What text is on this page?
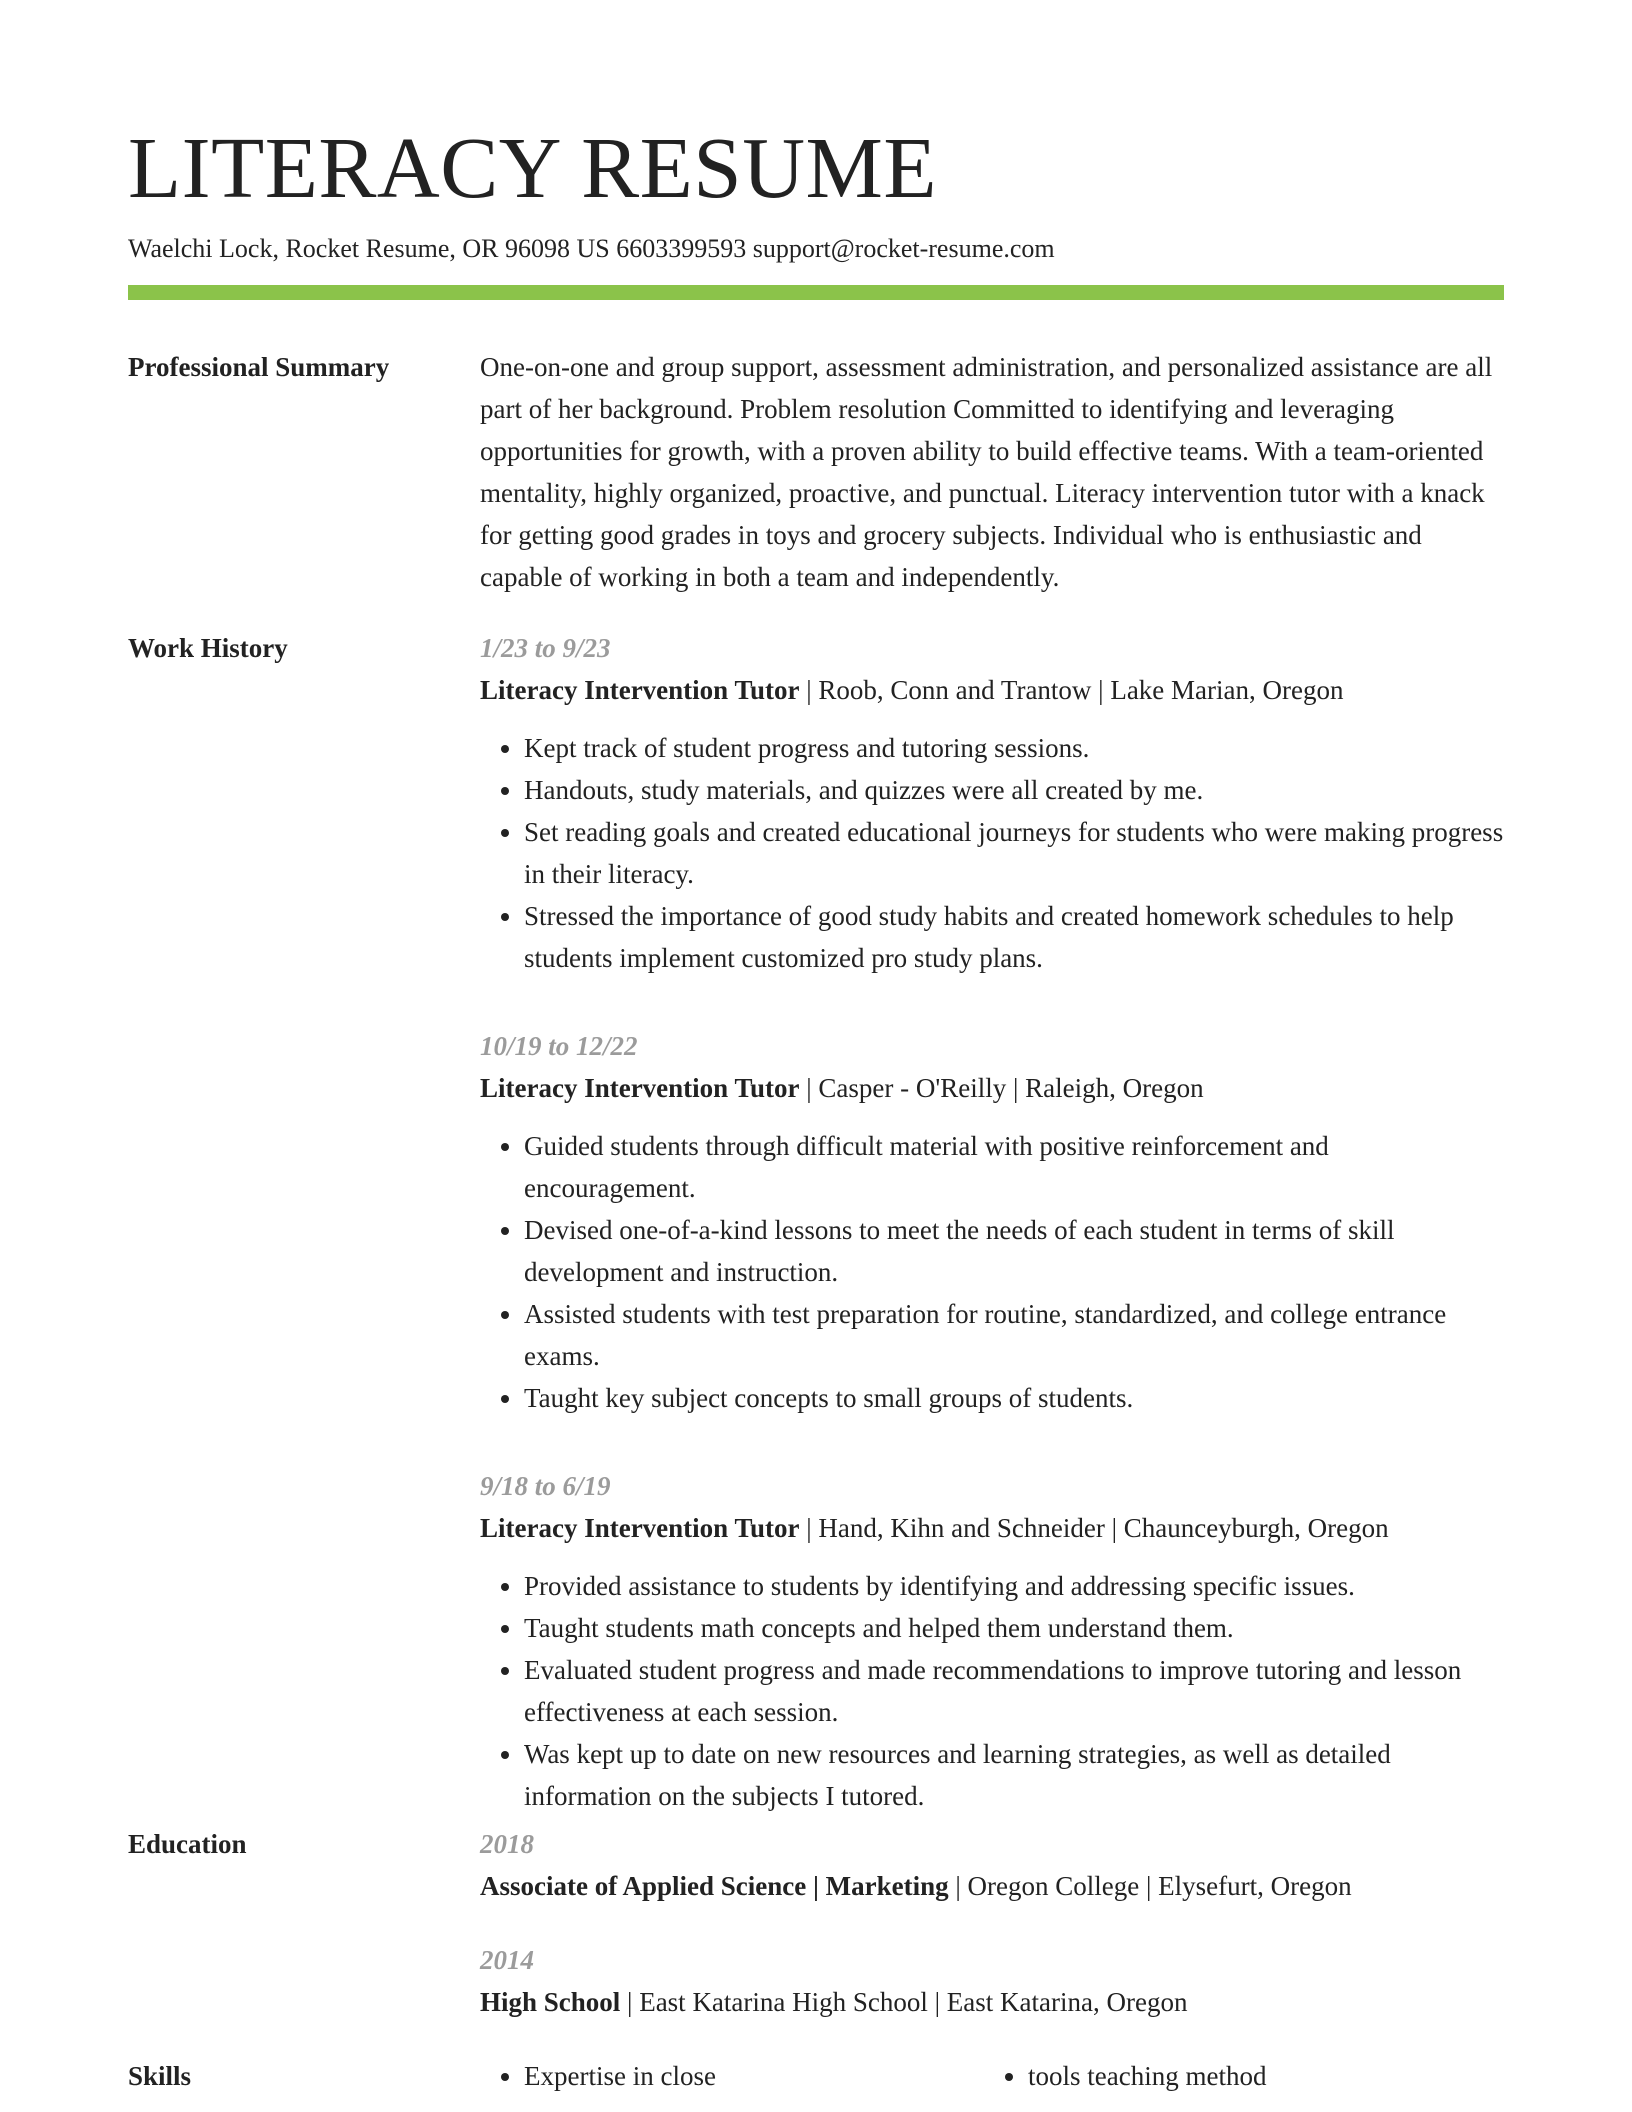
LITERACY RESUME
Waelchi Lock, Rocket Resume, OR 96098 US 6603399593 support@rocket-resume.com
Professional Summary	One-on-one and group support, assessment administration, and personalized assistance are all part of her background. Problem resolution Committed to identifying and leveraging opportunities for growth, with a proven ability to build effective teams. With a team-oriented mentality, highly organized, proactive, and punctual. Literacy intervention tutor with a knack for getting good grades in toys and grocery subjects. Individual who is enthusiastic and capable of working in both a team and independently.

Work History	1/23 to 9/23
Literacy Intervention Tutor | Roob, Conn and Trantow | Lake Marian, Oregon
• Kept track of student progress and tutoring sessions.
• Handouts, study materials, and quizzes were all created by me.
• Set reading goals and created educational journeys for students who were making progress in their literacy.
• Stressed the importance of good study habits and created homework schedules to help students implement customized pro study plans.
10/19 to 12/22
Literacy Intervention Tutor | Casper - O'Reilly | Raleigh, Oregon
• Guided students through difficult material with positive reinforcement and encouragement.
• Devised one-of-a-kind lessons to meet the needs of each student in terms of skill development and instruction.
• Assisted students with test preparation for routine, standardized, and college entrance exams.
• Taught key subject concepts to small groups of students.
9/18 to 6/19
Literacy Intervention Tutor | Hand, Kihn and Schneider | Chaunceyburgh, Oregon
• Provided assistance to students by identifying and addressing specific issues.
• Taught students math concepts and helped them understand them.
• Evaluated student progress and made recommendations to improve tutoring and lesson effectiveness at each session.
• Was kept up to date on new resources and learning strategies, as well as detailed information on the subjects I tutored.
Education	2018
Associate of Applied Science | Marketing | Oregon College | Elysefurt, Oregon
2014
High School | East Katarina High School | East Katarina, Oregon
Skills	• Expertise in close	• tools teaching method
